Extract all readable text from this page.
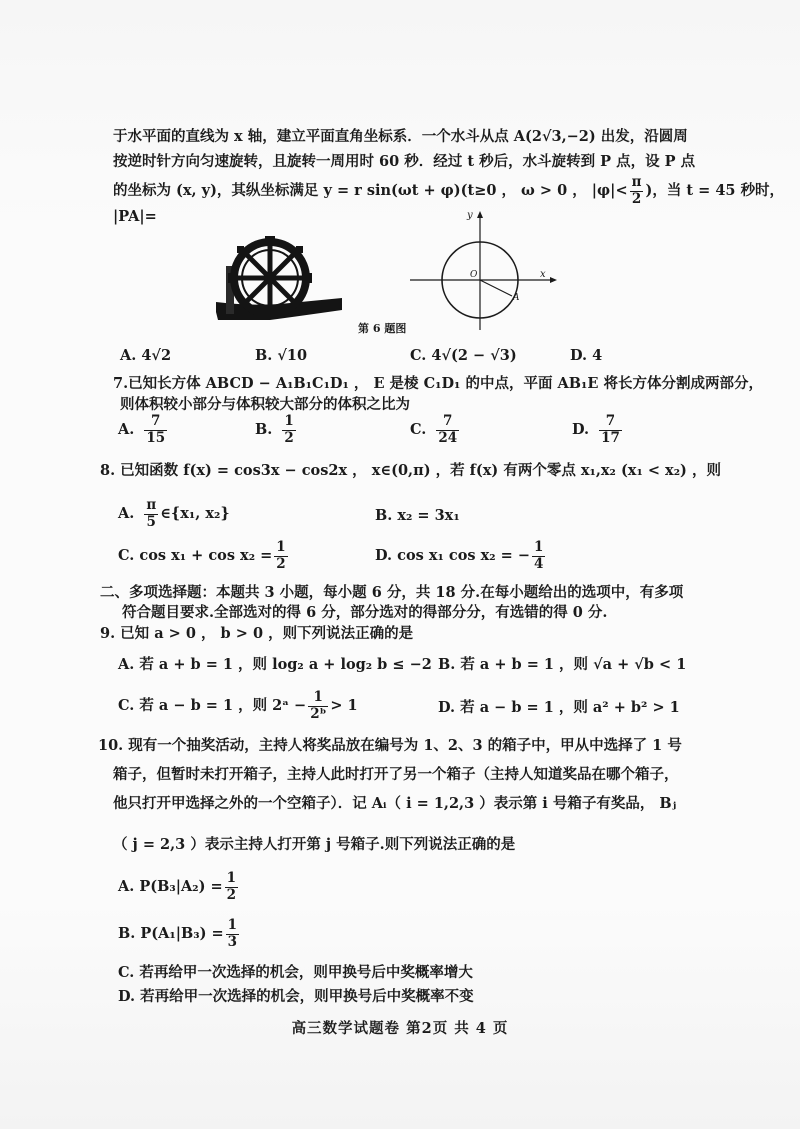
于水平面的直线为 x 轴，建立平面直角坐标系．一个水斗从点 A(2√3,−2) 出发，沿圆周
按逆时针方向匀速旋转，且旋转一周用时 60 秒．经过 t 秒后，水斗旋转到 P 点，设 P 点
的坐标为 (x, y)，其纵坐标满足 y = r sin(ωt + φ)(t≥0 ， ω > 0 ， $|\varphi|< \frac{\pi}{2}$ )，当 t = 45 秒时，
|PA|=	y
x
O
A
第 6 题图
A. 4√2	B. √10	C. 4√(2 − √3)	D. 4
7.已知长方体 ABCD − A₁B₁C₁D₁ ， E 是棱 C₁D₁ 的中点，平面 AB₁E 将长方体分割成两部分，
则体积较小部分与体积较大部分的体积之比为
A. $\frac{7}{15}$	B. $\frac{1}{2}$	C. $\frac{7}{24}$	D. $\frac{7}{17}$
8. 已知函数 f(x) = cos3x − cos2x ， x∈(0,π) ，若 f(x) 有两个零点 x₁,x₂ (x₁ < x₂) ，则
A. $\frac{\pi}{5}$ ∈{x₁, x₂}	B. x₂ = 3x₁
C. $\cos x_1 + \cos x_2 = \frac{1}{2}$	D. cos x₁ cos x₂ = − $\frac{1}{4}$
二、多项选择题：本题共 3 小题，每小题 6 分，共 18 分.在每小题给出的选项中，有多项
符合题目要求.全部选对的得 6 分，部分选对的得部分分，有选错的得 0 分.
9. 已知 a > 0 ， b > 0 ，则下列说法正确的是
A. 若 a + b = 1 ，则 log₂ a + log₂ b ≤ −2 B. 若 a + b = 1 ，则 √a + √b < 1
C. 若 a − b = 1 ，则 2ᵃ − $\frac{1}{\text{2ᵇ}} > 1$	D. 若 a − b = 1 ，则 a² + b² > 1
10. 现有一个抽奖活动，主持人将奖品放在编号为 1、2、3 的箱子中，甲从中选择了 1 号
箱子，但暂时未打开箱子，主持人此时打开了另一个箱子（主持人知道奖品在哪个箱子，
他只打开甲选择之外的一个空箱子）．记 Aᵢ（ i = 1,2,3 ）表示第 i 号箱子有奖品， Bⱼ
（ j = 2,3 ）表示主持人打开第 j 号箱子.则下列说法正确的是
A. $P(B_3|A_2) = \frac{1}{2}$
B. $P(A_1|B_3) = \frac{1}{3}$
C. 若再给甲一次选择的机会，则甲换号后中奖概率增大
D. 若再给甲一次选择的机会，则甲换号后中奖概率不变
高三数学试题卷 第2页 共 4 页
